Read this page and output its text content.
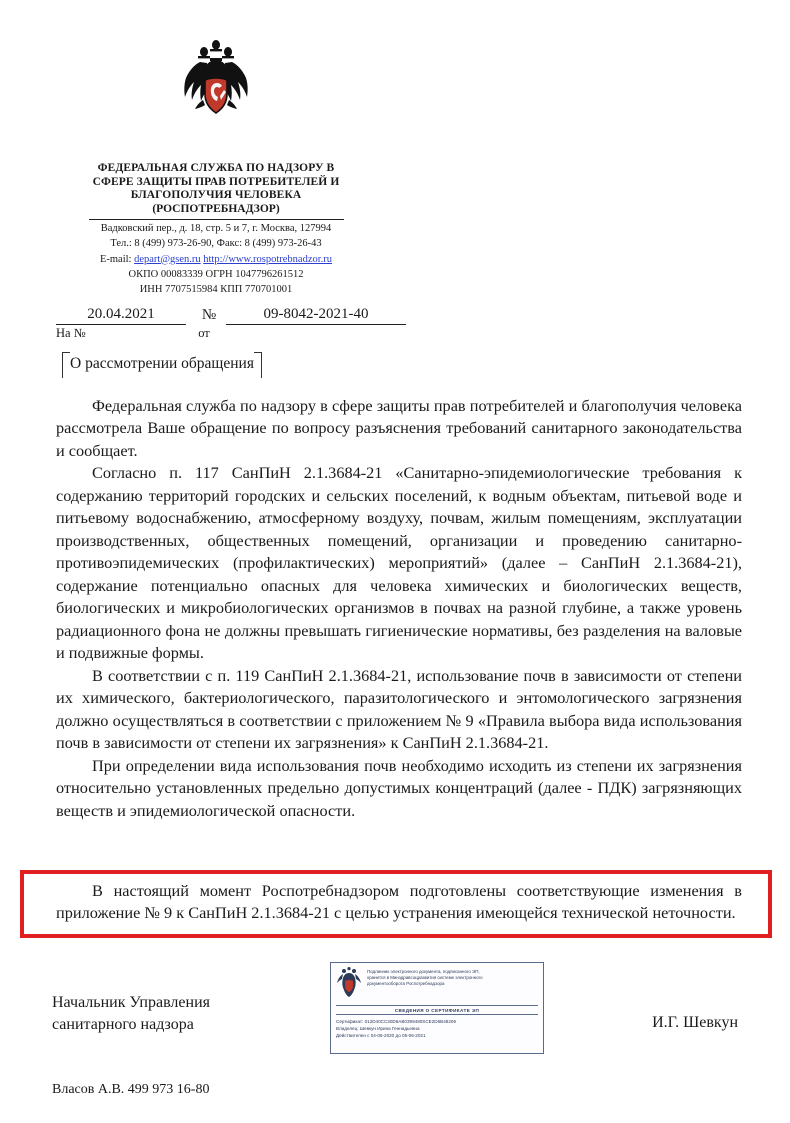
ФЕДЕРАЛЬНАЯ СЛУЖБА ПО НАДЗОРУ В
СФЕРЕ ЗАЩИТЫ ПРАВ ПОТРЕБИТЕЛЕЙ И
БЛАГОПОЛУЧИЯ ЧЕЛОВЕКА
(РОСПОТРЕБНАДЗОР)
Вадковский пер., д. 18, стр. 5 и 7, г. Москва, 127994
Тел.: 8 (499) 973-26-90, Факс: 8 (499) 973-26-43
E-mail: depart@gsen.ru http://www.rospotrebnadzor.ru
ОКПО 00083339 ОГРН 1047796261512
ИНН 7707515984 КПП 770701001
20.04.2021	№	09-8042-2021-40
На №	от
О рассмотрении обращения

Федеральная служба по надзору в сфере защиты прав потребителей и благополучия человека рассмотрела Ваше обращение по вопросу разъяснения требований санитарного законодательства и сообщает.

Согласно п. 117 СанПиН 2.1.3684-21 «Санитарно-эпидемиологические требования к содержанию территорий городских и сельских поселений, к водным объектам, питьевой воде и питьевому водоснабжению, атмосферному воздуху, почвам, жилым помещениям, эксплуатации производственных, общественных помещений, организации и проведению санитарно-противоэпидемических (профилактических) мероприятий» (далее – СанПиН 2.1.3684-21), содержание потенциально опасных для человека химических и биологических веществ, биологических и микробиологических организмов в почвах на разной глубине, а также уровень радиационного фона не должны превышать гигиенические нормативы, без разделения на валовые и подвижные формы.

В соответствии с п. 119 СанПиН 2.1.3684-21, использование почв в зависимости от степени их химического, бактериологического, паразитологического и энтомологического загрязнения должно осуществляться в соответствии с приложением № 9 «Правила выбора вида использования почв в зависимости от степени их загрязнения» к СанПиН 2.1.3684-21.

При определении вида использования почв необходимо исходить из степени их загрязнения относительно установленных предельно допустимых концентраций (далее - ПДК) загрязняющих веществ и эпидемиологической опасности.

В настоящий момент Роспотребнадзором подготовлены соответствующие изменения в приложение № 9 к СанПиН 2.1.3684-21 с целью устранения имеющейся технической неточности.

Начальник Управления
санитарного надзора	И.Г. Шевкун
Подлинник электронного документа, подписанного ЭП,
хранится в Минздравсоцразвития системе электронного
документооборота Роспотребнадзора
СВЕДЕНИЯ О СЕРТИФИКАТЕ ЭП
Сертификат: 012D40CC30D6AB0399480SCE2D6B48206
Владелец: Шевкун Ирина Геннадьевна
Действителен с 04-06-2020 до 05-06-2021
Власов А.В. 499 973 16-80
